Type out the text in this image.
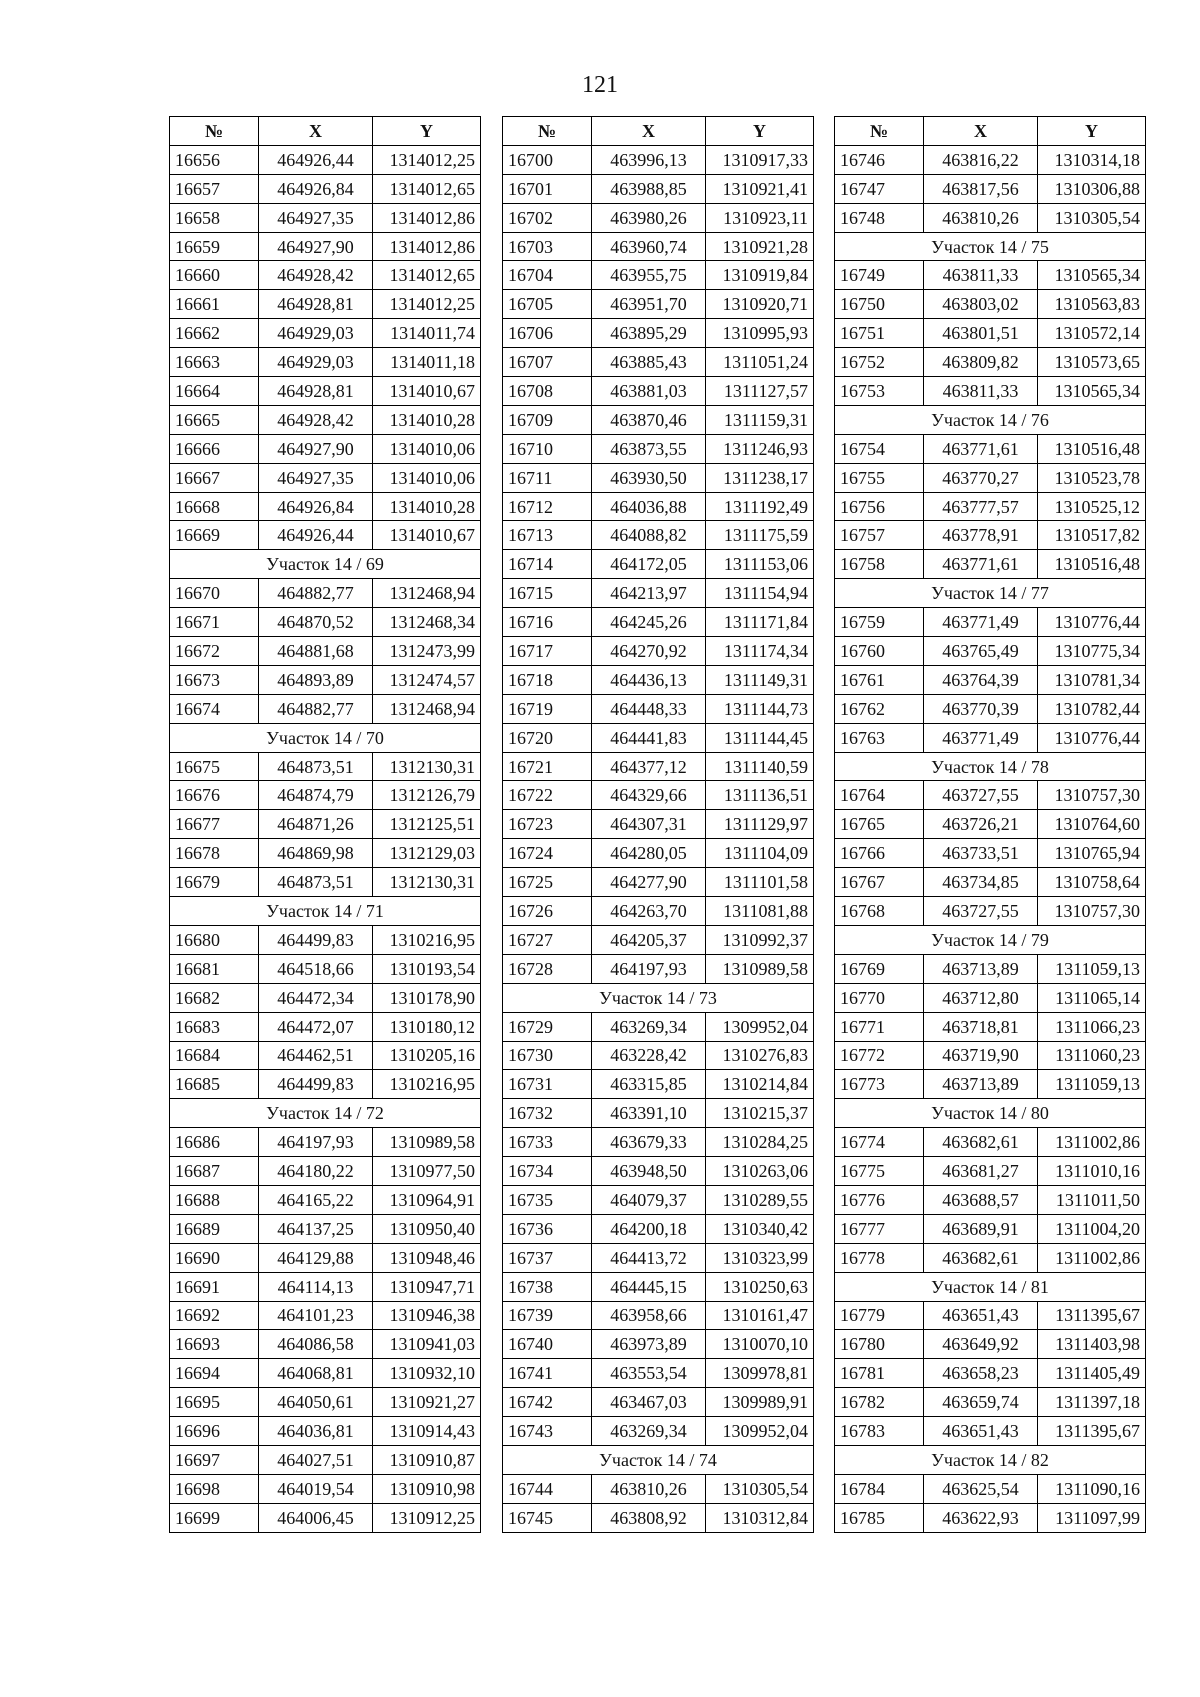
121
№	X	Y
16656	464926,44	1314012,25
16657	464926,84	1314012,65
16658	464927,35	1314012,86
16659	464927,90	1314012,86
16660	464928,42	1314012,65
16661	464928,81	1314012,25
16662	464929,03	1314011,74
16663	464929,03	1314011,18
16664	464928,81	1314010,67
16665	464928,42	1314010,28
16666	464927,90	1314010,06
16667	464927,35	1314010,06
16668	464926,84	1314010,28
16669	464926,44	1314010,67
Участок 14 / 69		
16670	464882,77	1312468,94
16671	464870,52	1312468,34
16672	464881,68	1312473,99
16673	464893,89	1312474,57
16674	464882,77	1312468,94
Участок 14 / 70		
16675	464873,51	1312130,31
16676	464874,79	1312126,79
16677	464871,26	1312125,51
16678	464869,98	1312129,03
16679	464873,51	1312130,31
Участок 14 / 71		
16680	464499,83	1310216,95
16681	464518,66	1310193,54
16682	464472,34	1310178,90
16683	464472,07	1310180,12
16684	464462,51	1310205,16
16685	464499,83	1310216,95
Участок 14 / 72		
16686	464197,93	1310989,58
16687	464180,22	1310977,50
16688	464165,22	1310964,91
16689	464137,25	1310950,40
16690	464129,88	1310948,46
16691	464114,13	1310947,71
16692	464101,23	1310946,38
16693	464086,58	1310941,03
16694	464068,81	1310932,10
16695	464050,61	1310921,27
16696	464036,81	1310914,43
16697	464027,51	1310910,87
16698	464019,54	1310910,98
16699	464006,45	1310912,25
№	X	Y
16700	463996,13	1310917,33
16701	463988,85	1310921,41
16702	463980,26	1310923,11
16703	463960,74	1310921,28
16704	463955,75	1310919,84
16705	463951,70	1310920,71
16706	463895,29	1310995,93
16707	463885,43	1311051,24
16708	463881,03	1311127,57
16709	463870,46	1311159,31
16710	463873,55	1311246,93
16711	463930,50	1311238,17
16712	464036,88	1311192,49
16713	464088,82	1311175,59
16714	464172,05	1311153,06
16715	464213,97	1311154,94
16716	464245,26	1311171,84
16717	464270,92	1311174,34
16718	464436,13	1311149,31
16719	464448,33	1311144,73
16720	464441,83	1311144,45
16721	464377,12	1311140,59
16722	464329,66	1311136,51
16723	464307,31	1311129,97
16724	464280,05	1311104,09
16725	464277,90	1311101,58
16726	464263,70	1311081,88
16727	464205,37	1310992,37
16728	464197,93	1310989,58
Участок 14 / 73		
16729	463269,34	1309952,04
16730	463228,42	1310276,83
16731	463315,85	1310214,84
16732	463391,10	1310215,37
16733	463679,33	1310284,25
16734	463948,50	1310263,06
16735	464079,37	1310289,55
16736	464200,18	1310340,42
16737	464413,72	1310323,99
16738	464445,15	1310250,63
16739	463958,66	1310161,47
16740	463973,89	1310070,10
16741	463553,54	1309978,81
16742	463467,03	1309989,91
16743	463269,34	1309952,04
Участок 14 / 74		
16744	463810,26	1310305,54
16745	463808,92	1310312,84
№	X	Y
16746	463816,22	1310314,18
16747	463817,56	1310306,88
16748	463810,26	1310305,54
Участок 14 / 75		
16749	463811,33	1310565,34
16750	463803,02	1310563,83
16751	463801,51	1310572,14
16752	463809,82	1310573,65
16753	463811,33	1310565,34
Участок 14 / 76		
16754	463771,61	1310516,48
16755	463770,27	1310523,78
16756	463777,57	1310525,12
16757	463778,91	1310517,82
16758	463771,61	1310516,48
Участок 14 / 77		
16759	463771,49	1310776,44
16760	463765,49	1310775,34
16761	463764,39	1310781,34
16762	463770,39	1310782,44
16763	463771,49	1310776,44
Участок 14 / 78		
16764	463727,55	1310757,30
16765	463726,21	1310764,60
16766	463733,51	1310765,94
16767	463734,85	1310758,64
16768	463727,55	1310757,30
Участок 14 / 79		
16769	463713,89	1311059,13
16770	463712,80	1311065,14
16771	463718,81	1311066,23
16772	463719,90	1311060,23
16773	463713,89	1311059,13
Участок 14 / 80		
16774	463682,61	1311002,86
16775	463681,27	1311010,16
16776	463688,57	1311011,50
16777	463689,91	1311004,20
16778	463682,61	1311002,86
Участок 14 / 81		
16779	463651,43	1311395,67
16780	463649,92	1311403,98
16781	463658,23	1311405,49
16782	463659,74	1311397,18
16783	463651,43	1311395,67
Участок 14 / 82		
16784	463625,54	1311090,16
16785	463622,93	1311097,99
